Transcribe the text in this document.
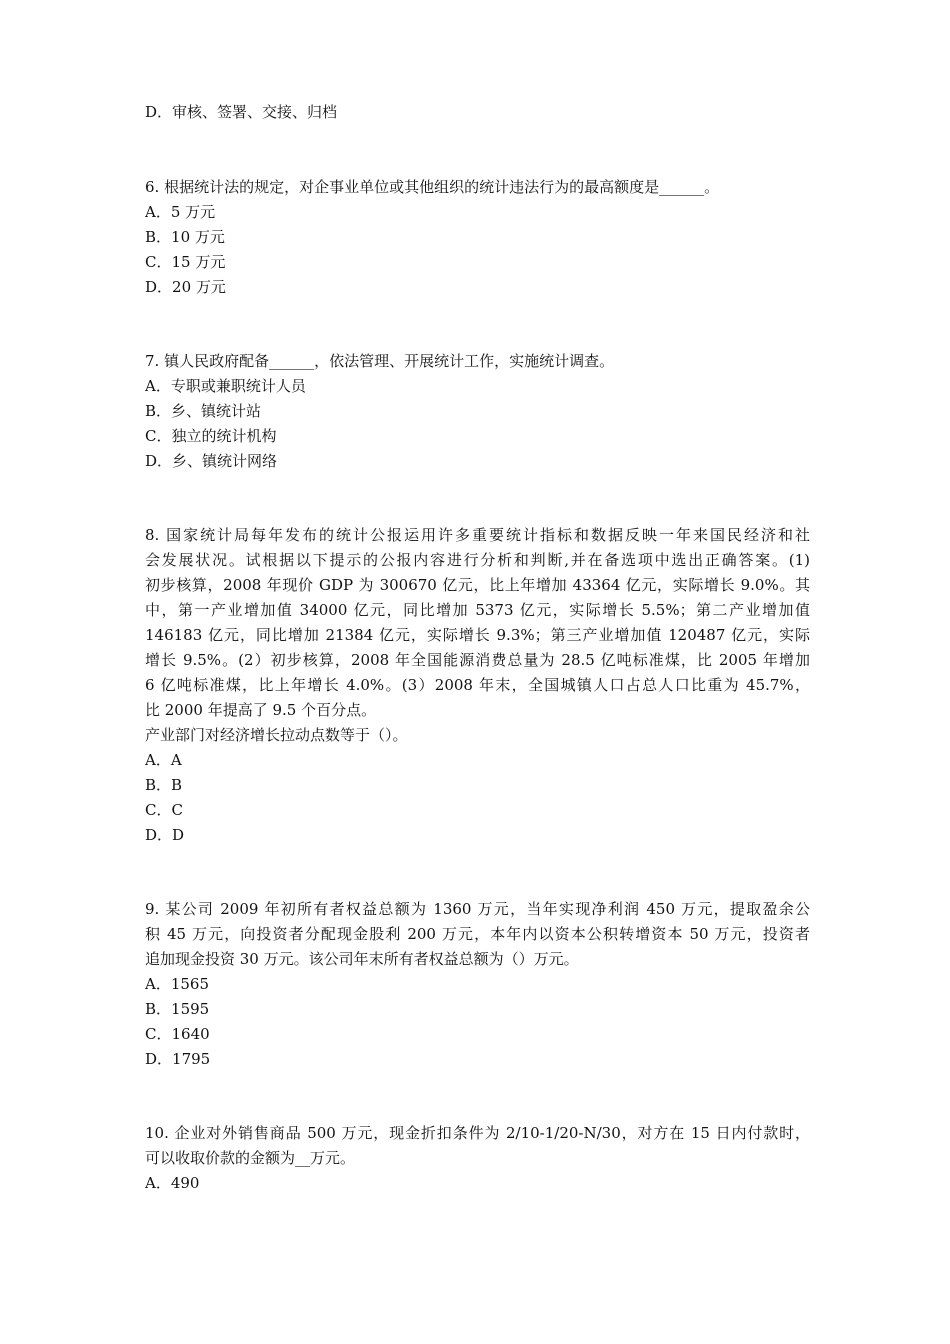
D．审核、签署、交接、归档
6. 根据统计法的规定，对企事业单位或其他组织的统计违法行为的最高额度是______。
A．5 万元
B．10 万元
C．15 万元
D．20 万元
7. 镇人民政府配备______，依法管理、开展统计工作，实施统计调查。
A．专职或兼职统计人员
B．乡、镇统计站
C．独立的统计机构
D．乡、镇统计网络
8. 国家统计局每年发布的统计公报运用许多重要统计指标和数据反映一年来国民经济和社
会发展状况。试根据以下提示的公报内容进行分析和判断,并在备选项中选出正确答案。(1)
初步核算，2008 年现价 GDP 为 300670 亿元，比上年增加 43364 亿元，实际增长 9.0%。其
中，第一产业增加值 34000 亿元，同比增加 5373 亿元，实际增长 5.5%；第二产业增加值
146183 亿元，同比增加 21384 亿元，实际增长 9.3%；第三产业增加值 120487 亿元，实际
增长 9.5%。(2）初步核算，2008 年全国能源消费总量为 28.5 亿吨标准煤，比 2005 年增加
6 亿吨标准煤，比上年增长 4.0%。(3）2008 年末，全国城镇人口占总人口比重为 45.7%，
比 2000 年提高了 9.5 个百分点。
产业部门对经济增长拉动点数等于（）。
A．A
B．B
C．C
D．D
9. 某公司 2009 年初所有者权益总额为 1360 万元，当年实现净利润 450 万元，提取盈余公
积 45 万元，向投资者分配现金股利 200 万元，本年内以资本公积转增资本 50 万元，投资者
追加现金投资 30 万元。该公司年末所有者权益总额为（）万元。
A．1565
B．1595
C．1640
D．1795
10. 企业对外销售商品 500 万元，现金折扣条件为 2/10-1/20-N/30，对方在 15 日内付款时，
可以收取价款的金额为__万元。
A．490
